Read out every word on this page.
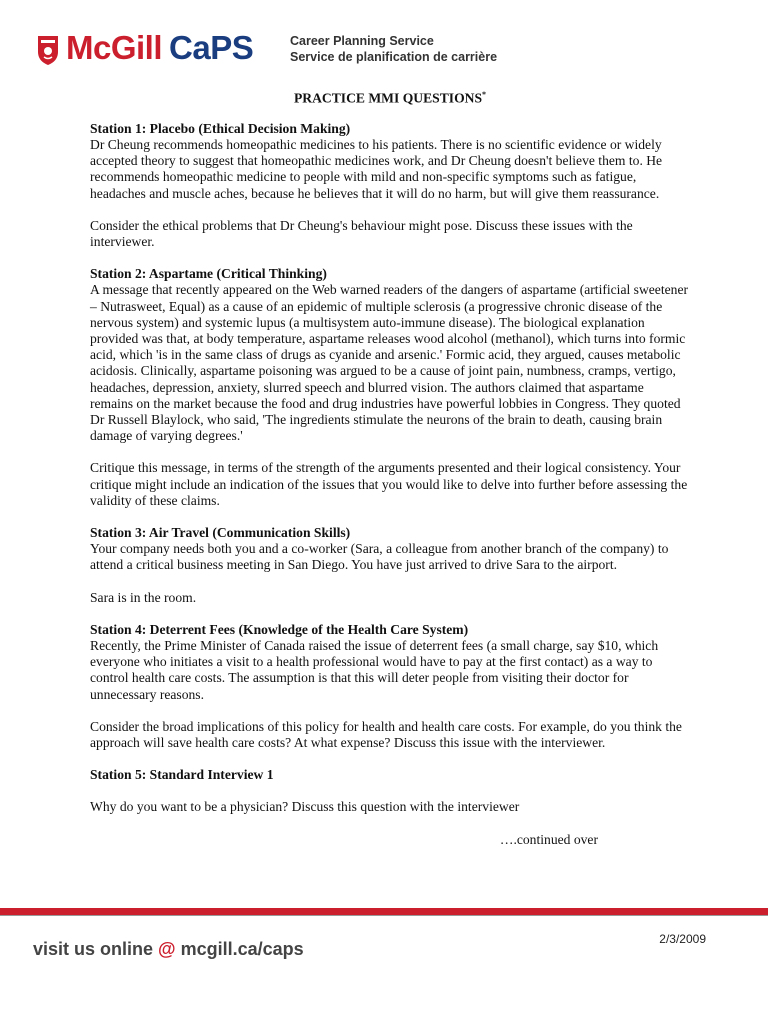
McGill CaPS	Career Planning Service
Service de planification de carrière
PRACTICE MMI QUESTIONS*
Station 1: Placebo (Ethical Decision Making)
Dr Cheung recommends homeopathic medicines to his patients. There is no scientific evidence or widely accepted theory to suggest that homeopathic medicines work, and Dr Cheung doesn't believe them to. He recommends homeopathic medicine to people with mild and non-specific symptoms such as fatigue, headaches and muscle aches, because he believes that it will do no harm, but will give them reassurance.
Consider the ethical problems that Dr Cheung's behaviour might pose. Discuss these issues with the interviewer.
Station 2: Aspartame (Critical Thinking)
A message that recently appeared on the Web warned readers of the dangers of aspartame (artificial sweetener – Nutrasweet, Equal) as a cause of an epidemic of multiple sclerosis (a progressive chronic disease of the nervous system) and systemic lupus (a multisystem auto-immune disease). The biological explanation provided was that, at body temperature, aspartame releases wood alcohol (methanol), which turns into formic acid, which 'is in the same class of drugs as cyanide and arsenic.' Formic acid, they argued, causes metabolic acidosis. Clinically, aspartame poisoning was argued to be a cause of joint pain, numbness, cramps, vertigo, headaches, depression, anxiety, slurred speech and blurred vision. The authors claimed that aspartame remains on the market because the food and drug industries have powerful lobbies in Congress. They quoted Dr Russell Blaylock, who said, 'The ingredients stimulate the neurons of the brain to death, causing brain damage of varying degrees.'
Critique this message, in terms of the strength of the arguments presented and their logical consistency. Your critique might include an indication of the issues that you would like to delve into further before assessing the validity of these claims.
Station 3: Air Travel (Communication Skills)
Your company needs both you and a co-worker (Sara, a colleague from another branch of the company) to attend a critical business meeting in San Diego. You have just arrived to drive Sara to the airport.
Sara is in the room.
Station 4: Deterrent Fees (Knowledge of the Health Care System)
Recently, the Prime Minister of Canada raised the issue of deterrent fees (a small charge, say $10, which everyone who initiates a visit to a health professional would have to pay at the first contact) as a way to control health care costs. The assumption is that this will deter people from visiting their doctor for unnecessary reasons.
Consider the broad implications of this policy for health and health care costs. For example, do you think the approach will save health care costs? At what expense? Discuss this issue with the interviewer.
Station 5: Standard Interview 1
Why do you want to be a physician? Discuss this question with the interviewer
….continued over
visit us online @ mcgill.ca/caps	2/3/2009
